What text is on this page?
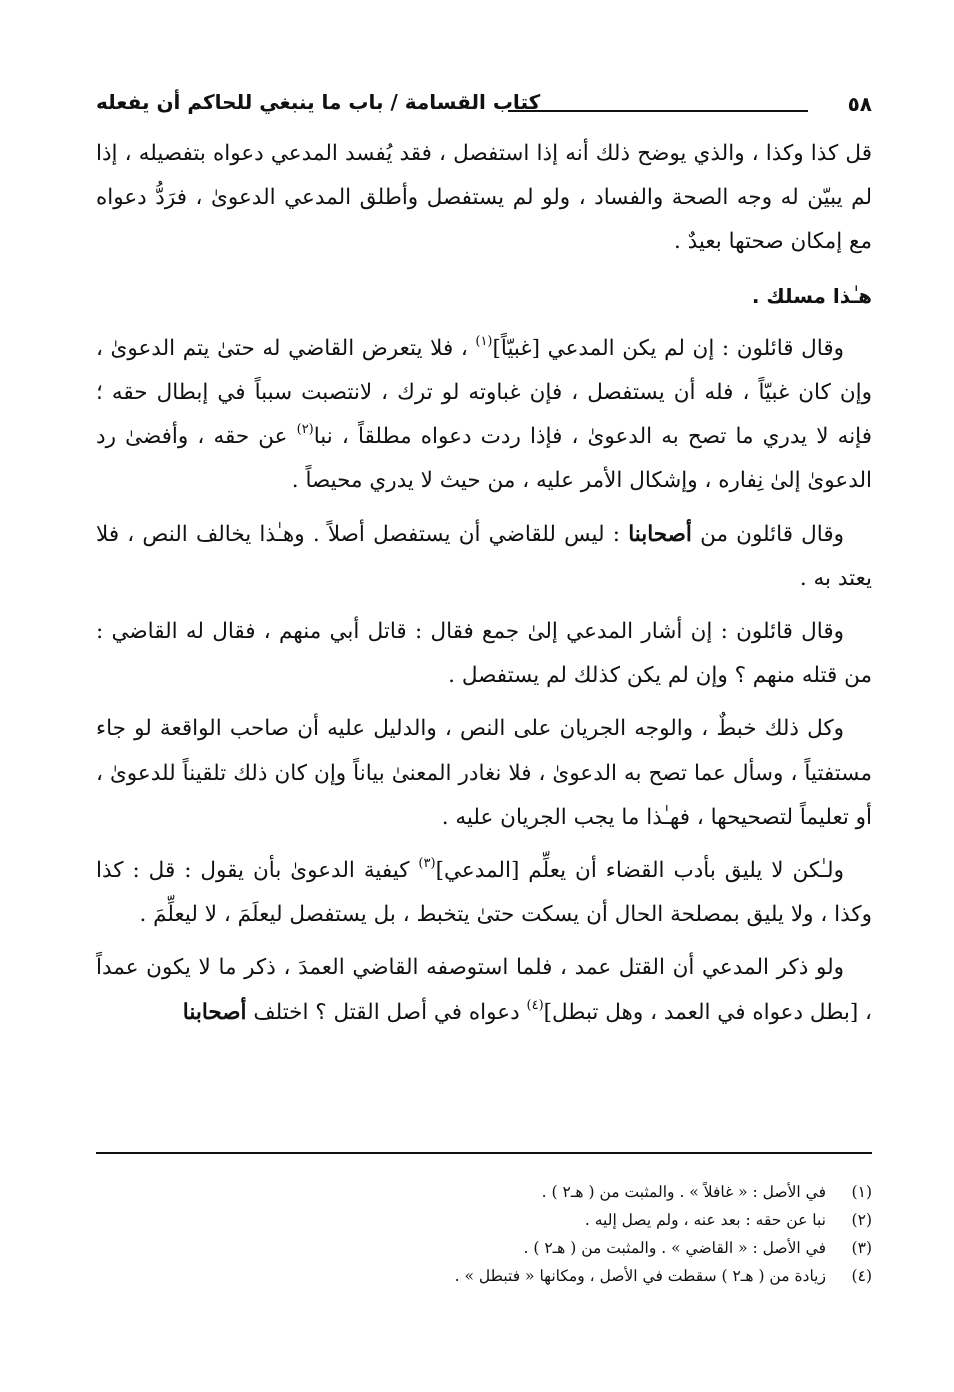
٥٨
كتاب القسامة / باب ما ينبغي للحاكم أن يفعله

قل كذا وكذا ، والذي يوضح ذلك أنه إذا استفصل ، فقد يُفسد المدعي دعواه بتفصيله ، إذا لم يبيّن له وجه الصحة والفساد ، ولو لم يستفصل وأطلق المدعي الدعوىٰ ، فرَدُّ دعواه مع إمكان صحتها بعيدٌ .

هـٰذا مسلك .

وقال قائلون : إن لم يكن المدعي [غبيّاً]$^{(١)}$ ، فلا يتعرض القاضي له حتىٰ يتم الدعوىٰ ، وإن كان غبيّاً ، فله أن يستفصل ، فإن غباوته لو ترك ، لانتصبت سبباً في إبطال حقه ؛ فإنه لا يدري ما تصح به الدعوىٰ ، فإذا ردت دعواه مطلقاً ، نبا$^{(٢)}$ عن حقه ، وأفضىٰ رد الدعوىٰ إلىٰ نِفاره ، وإشكال الأمر عليه ، من حيث لا يدري محيصاً .

وقال قائلون من أصحابنا : ليس للقاضي أن يستفصل أصلاً . وهـٰذا يخالف النص ، فلا يعتد به .

وقال قائلون : إن أشار المدعي إلىٰ جمع فقال : قاتل أبي منهم ، فقال له القاضي : من قتله منهم ؟ وإن لم يكن كذلك لم يستفصل .

وكل ذلك خبطٌ ، والوجه الجريان على النص ، والدليل عليه أن صاحب الواقعة لو جاء مستفتياً ، وسأل عما تصح به الدعوىٰ ، فلا نغادر المعنىٰ بياناً وإن كان ذلك تلقيناً للدعوىٰ ، أو تعليماً لتصحيحها ، فهـٰذا ما يجب الجريان عليه .

ولـٰكن لا يليق بأدب القضاء أن يعلِّم [المدعي]$^{(٣)}$ كيفية الدعوىٰ بأن يقول : قل : كذا وكذا ، ولا يليق بمصلحة الحال أن يسكت حتىٰ يتخبط ، بل يستفصل ليعلَمَ ، لا ليعلِّمَ .

ولو ذكر المدعي أن القتل عمد ، فلما استوصفه القاضي العمدَ ، ذكر ما لا يكون عمداً ، [بطل دعواه في العمد ، وهل تبطل]$^{(٤)}$ دعواه في أصل القتل ؟ اختلف أصحابنا

(١)
في الأصل : « غافلاً » . والمثبت من ( هـ٢ ) .
(٢)
نبا عن حقه : بعد عنه ، ولم يصل إليه .
(٣)
في الأصل : « القاضي » . والمثبت من ( هـ٢ ) .
(٤)
زيادة من ( هـ٢ ) سقطت في الأصل ، ومكانها « فتبطل » .
